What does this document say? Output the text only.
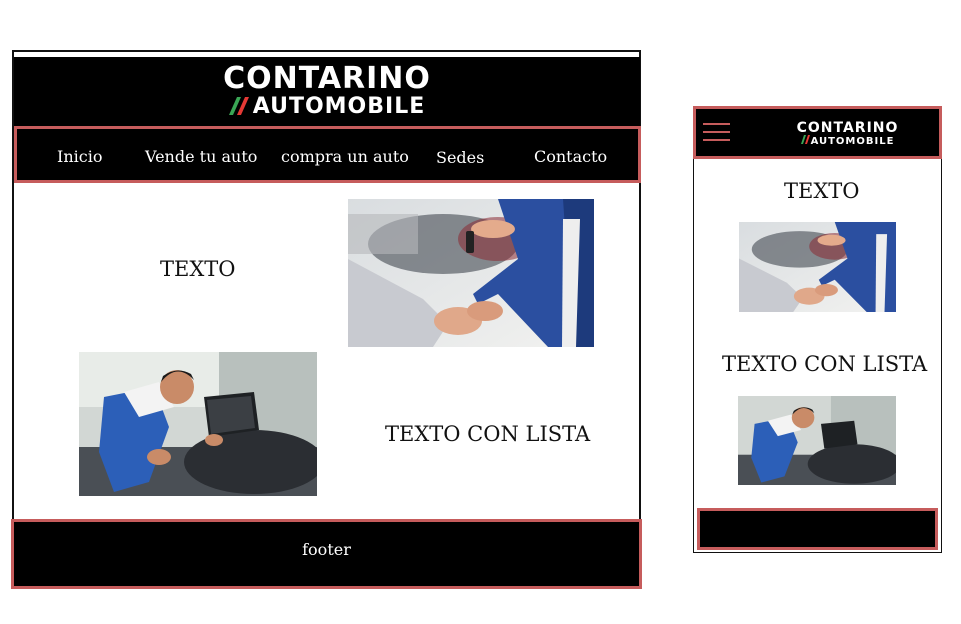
CONTARINO
AUTOMOBILE
Inicio	Vende tu auto compra un auto Sedes	Contacto
TEXTO
TEXTO CON LISTA
footer
CONTARINO
AUTOMOBILE
TEXTO
TEXTO CON LISTA
